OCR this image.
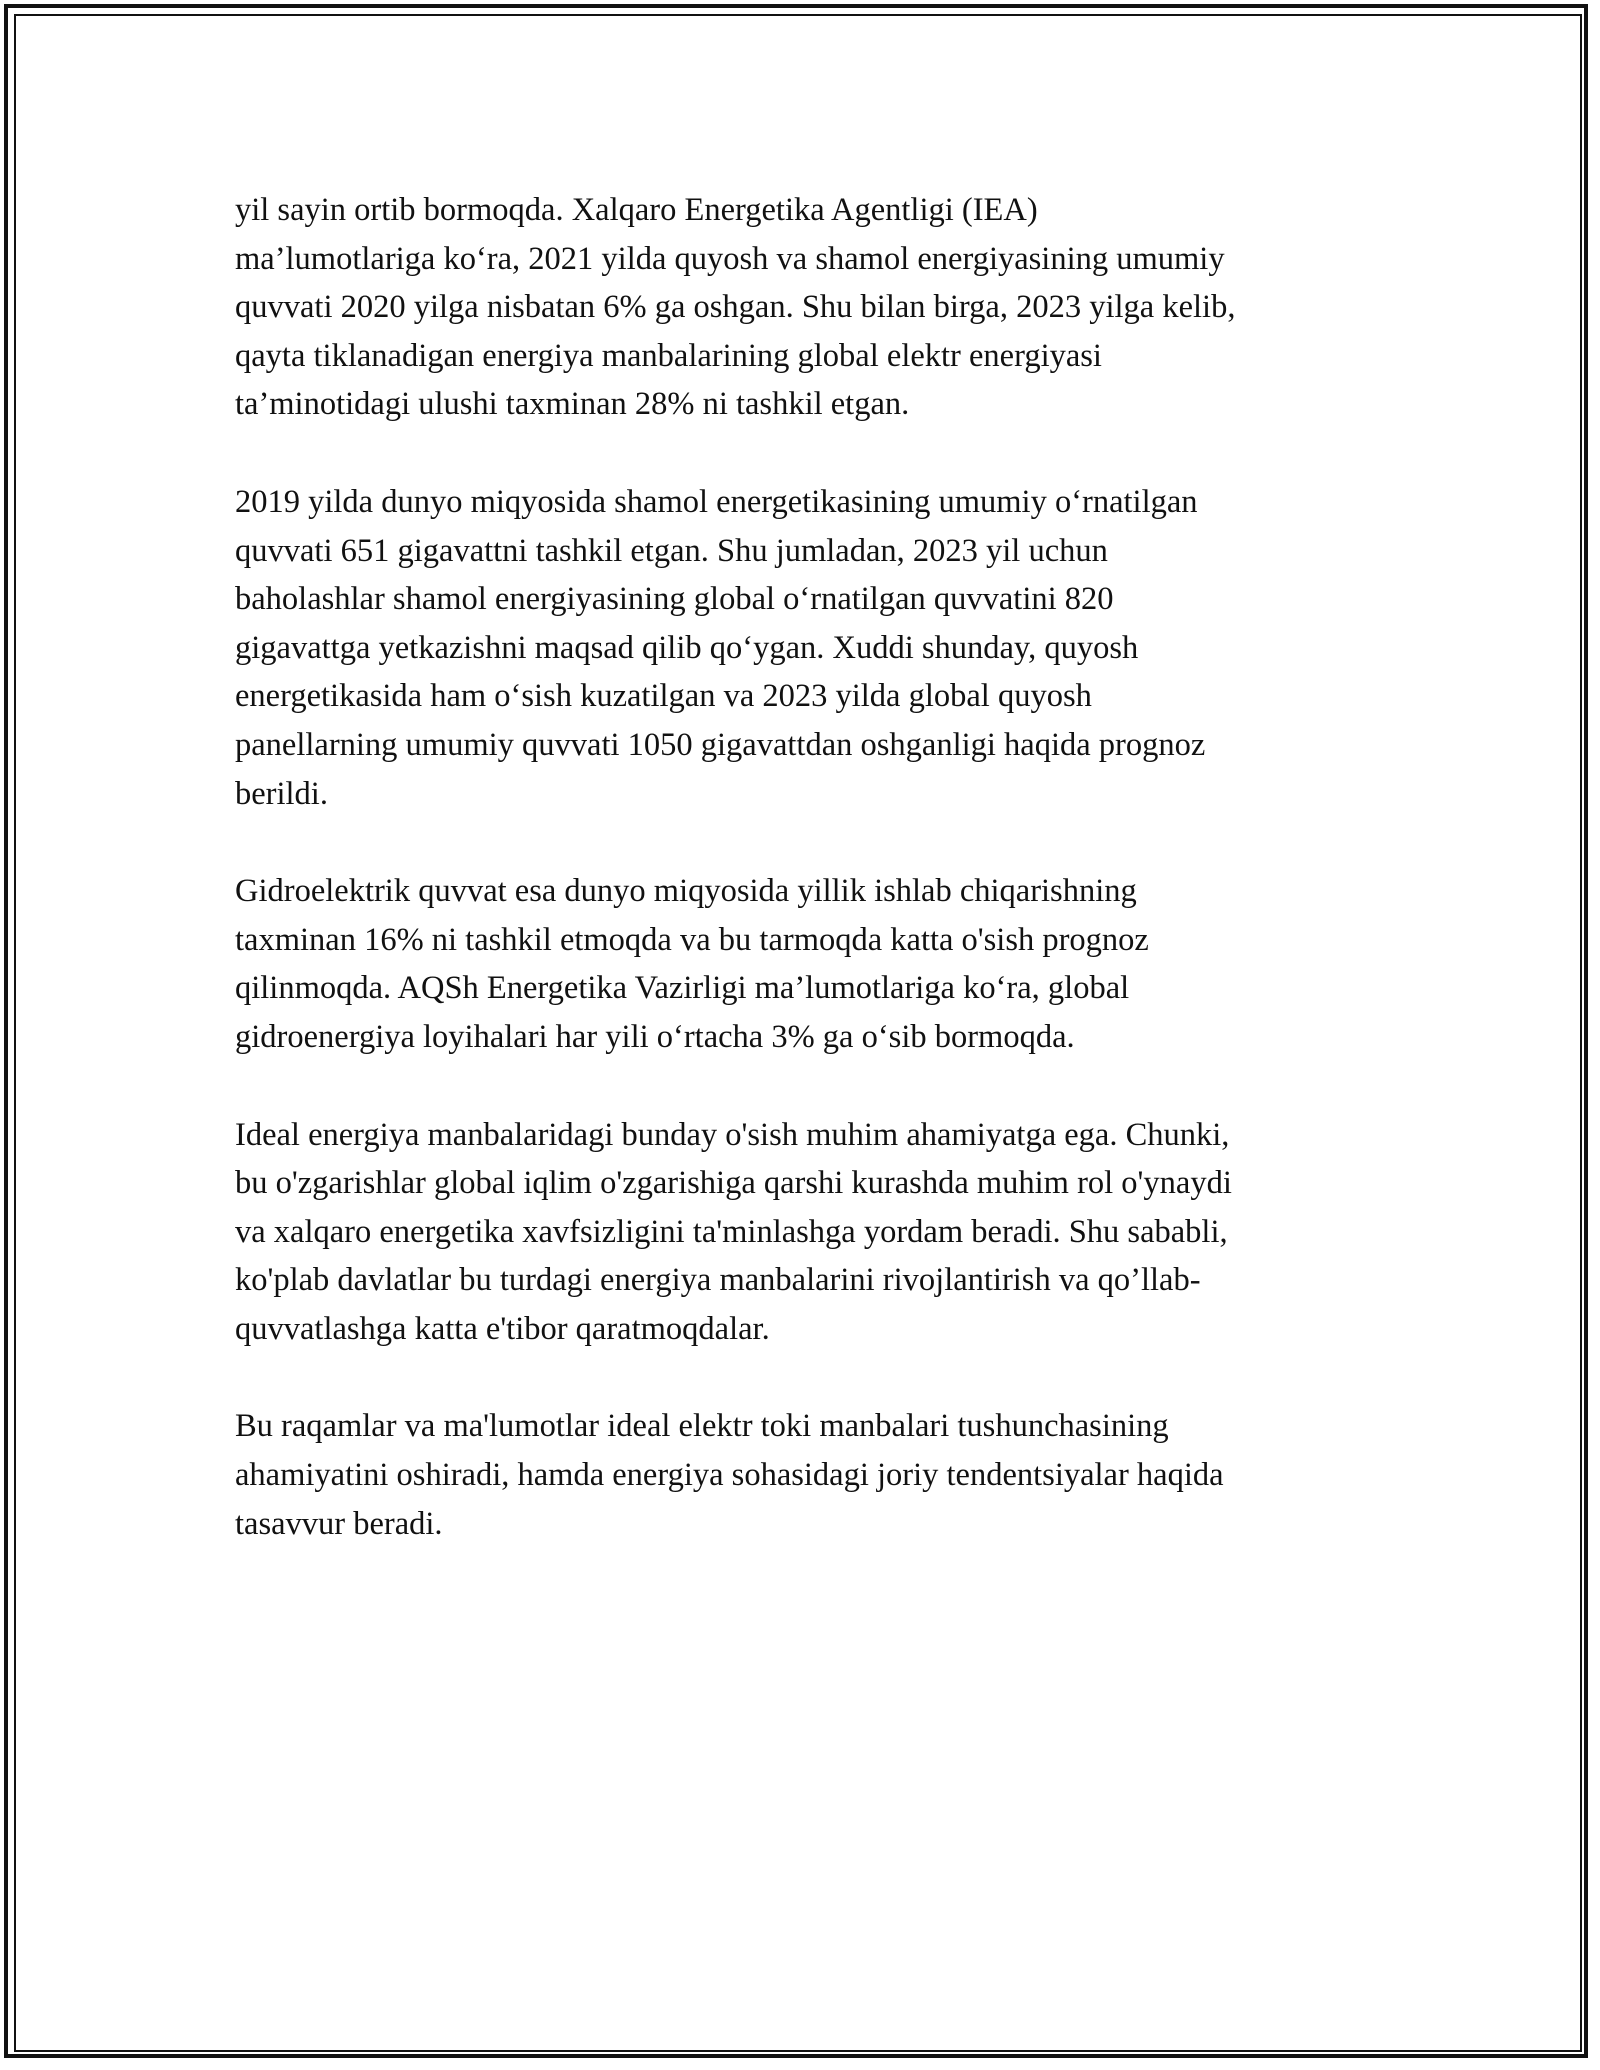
yil sayin ortib bormoqda. Xalqaro Energetika Agentligi (IEA)
ma’lumotlariga ko‘ra, 2021 yilda quyosh va shamol energiyasining umumiy
quvvati 2020 yilga nisbatan 6% ga oshgan. Shu bilan birga, 2023 yilga kelib,
qayta tiklanadigan energiya manbalarining global elektr energiyasi
ta’minotidagi ulushi taxminan 28% ni tashkil etgan.

2019 yilda dunyo miqyosida shamol energetikasining umumiy o‘rnatilgan
quvvati 651 gigavattni tashkil etgan. Shu jumladan, 2023 yil uchun
baholashlar shamol energiyasining global o‘rnatilgan quvvatini 820
gigavattga yetkazishni maqsad qilib qo‘ygan. Xuddi shunday, quyosh
energetikasida ham o‘sish kuzatilgan va 2023 yilda global quyosh
panellarning umumiy quvvati 1050 gigavattdan oshganligi haqida prognoz
berildi.

Gidroelektrik quvvat esa dunyo miqyosida yillik ishlab chiqarishning
taxminan 16% ni tashkil etmoqda va bu tarmoqda katta o'sish prognoz
qilinmoqda. AQSh Energetika Vazirligi ma’lumotlariga ko‘ra, global
gidroenergiya loyihalari har yili o‘rtacha 3% ga o‘sib bormoqda.

Ideal energiya manbalaridagi bunday o'sish muhim ahamiyatga ega. Chunki,
bu o'zgarishlar global iqlim o'zgarishiga qarshi kurashda muhim rol o'ynaydi
va xalqaro energetika xavfsizligini ta'minlashga yordam beradi. Shu sababli,
ko'plab davlatlar bu turdagi energiya manbalarini rivojlantirish va qo’llab-
quvvatlashga katta e'tibor qaratmoqdalar.

Bu raqamlar va ma'lumotlar ideal elektr toki manbalari tushunchasining
ahamiyatini oshiradi, hamda energiya sohasidagi joriy tendentsiyalar haqida
tasavvur beradi.
